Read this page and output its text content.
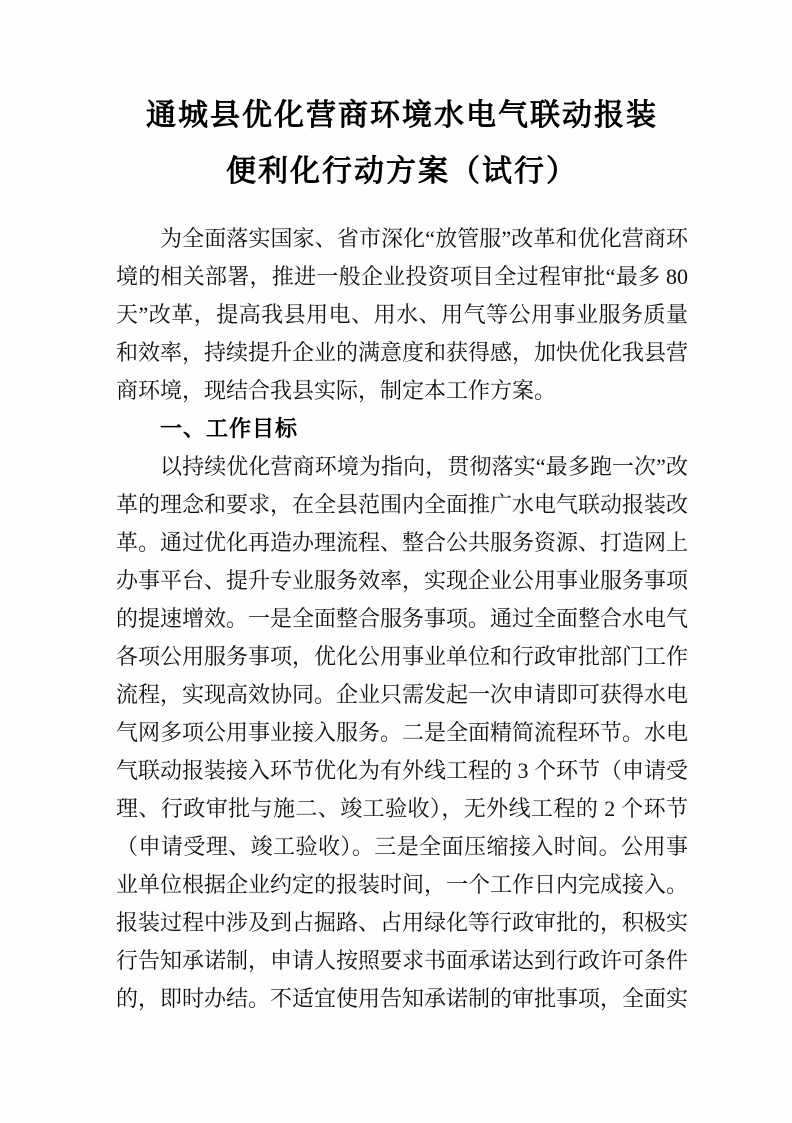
通城县优化营商环境水电气联动报装
便利化行动方案（试行）

为全面落实国家、省市深化“放管服”改革和优化营商环境的相关部署，推进一般企业投资项目全过程审批“最多 80 天”改革，提高我县用电、用水、用气等公用事业服务质量和效率，持续提升企业的满意度和获得感，加快优化我县营商环境，现结合我县实际，制定本工作方案。

一、工作目标

以持续优化营商环境为指向，贯彻落实“最多跑一次”改革的理念和要求，在全县范围内全面推广水电气联动报装改革。通过优化再造办理流程、整合公共服务资源、打造网上办事平台、提升专业服务效率，实现企业公用事业服务事项的提速增效。一是全面整合服务事项。通过全面整合水电气各项公用服务事项，优化公用事业单位和行政审批部门工作流程，实现高效协同。企业只需发起一次申请即可获得水电气网多项公用事业接入服务。二是全面精简流程环节。水电气联动报装接入环节优化为有外线工程的 3 个环节（申请受理、行政审批与施二、竣工验收），无外线工程的 2 个环节（申请受理、竣工验收）。三是全面压缩接入时间。公用事业单位根据企业约定的报装时间，一个工作日内完成接入。报装过程中涉及到占掘路、占用绿化等行政审批的，积极实行告知承诺制，申请人按照要求书面承诺达到行政许可条件的，即时办结。不适宜使用告知承诺制的审批事项，全面实
